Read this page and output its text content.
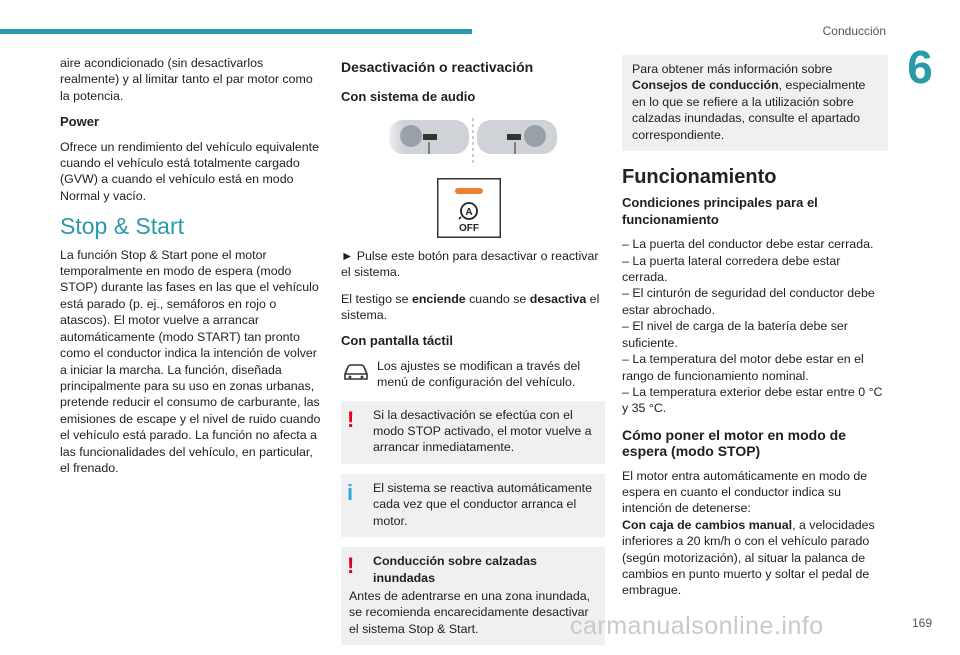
Conducción
6

aire acondicionado (sin desactivarlos realmente) y al limitar tanto el par motor como la potencia.

Power

Ofrece un rendimiento del vehículo equivalente cuando el vehículo está totalmente cargado (GVW) a cuando el vehículo está en modo Normal y vacío.

Stop & Start

La función Stop & Start pone el motor temporalmente en modo de espera (modo STOP) durante las fases en las que el vehículo está parado (p. ej., semáforos en rojo o atascos). El motor vuelve a arrancar automáticamente (modo START) tan pronto como el conductor indica la intención de volver a iniciar la marcha. La función, diseñada principalmente para su uso en zonas urbanas, pretende reducir el consumo de carburante, las emisiones de escape y el nivel de ruido cuando el vehículo está parado. La función no afecta a las funcionalidades del vehículo, en particular, el frenado.

Desactivación o reactivación
Con sistema de audio
A
OFF

► Pulse este botón para desactivar o reactivar el sistema.

El testigo se enciende cuando se desactiva el sistema.

Con pantalla táctil
Los ajustes se modifican a través del menú de configuración del vehículo.
!	Si la desactivación se efectúa con el modo STOP activado, el motor vuelve a arrancar inmediatamente.
i	El sistema se reactiva automáticamente cada vez que el conductor arranca el motor.
!	Conducción sobre calzadas inundadas
Antes de adentrarse en una zona inundada, se recomienda encarecidamente desactivar el sistema Stop & Start.
Para obtener más información sobre Consejos de conducción, especialmente en lo que se refiere a la utilización sobre calzadas inundadas, consulte el apartado correspondiente.
Funcionamiento
Condiciones principales para el funcionamiento

– La puerta del conductor debe estar cerrada.

– La puerta lateral corredera debe estar cerrada.

– El cinturón de seguridad del conductor debe estar abrochado.

– El nivel de carga de la batería debe ser suficiente.

– La temperatura del motor debe estar en el rango de funcionamiento nominal.

– La temperatura exterior debe estar entre 0 °C y 35 °C.

Cómo poner el motor en modo de espera (modo STOP)

El motor entra automáticamente en modo de espera en cuanto el conductor indica su intención de detenerse:

Con caja de cambios manual, a velocidades inferiores a 20 km/h o con el vehículo parado (según motorización), al situar la palanca de cambios en punto muerto y soltar el pedal de embrague.

carmanualsonline.info	169
